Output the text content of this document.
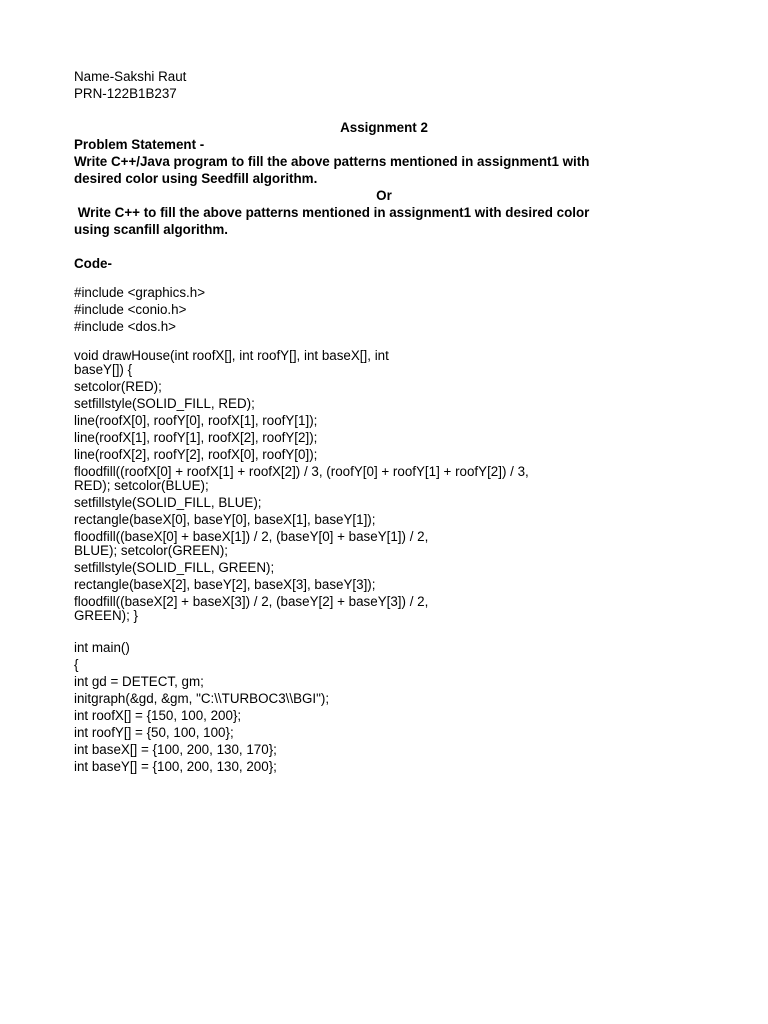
Name-Sakshi Raut
PRN-122B1B237
Assignment 2
Problem Statement -
Write C++/Java program to fill the above patterns mentioned in assignment1 with
desired color using Seedfill algorithm.
Or
Write C++ to fill the above patterns mentioned in assignment1 with desired color
using scanfill algorithm.
Code-
#include <graphics.h>
#include <conio.h>
#include <dos.h>
void drawHouse(int roofX[], int roofY[], int baseX[], int
baseY[]) {
setcolor(RED);
setfillstyle(SOLID_FILL, RED);
line(roofX[0], roofY[0], roofX[1], roofY[1]);
line(roofX[1], roofY[1], roofX[2], roofY[2]);
line(roofX[2], roofY[2], roofX[0], roofY[0]);
floodfill((roofX[0] + roofX[1] + roofX[2]) / 3, (roofY[0] + roofY[1] + roofY[2]) / 3,
RED); setcolor(BLUE);
setfillstyle(SOLID_FILL, BLUE);
rectangle(baseX[0], baseY[0], baseX[1], baseY[1]);
floodfill((baseX[0] + baseX[1]) / 2, (baseY[0] + baseY[1]) / 2,
BLUE); setcolor(GREEN);
setfillstyle(SOLID_FILL, GREEN);
rectangle(baseX[2], baseY[2], baseX[3], baseY[3]);
floodfill((baseX[2] + baseX[3]) / 2, (baseY[2] + baseY[3]) / 2,
GREEN); }
int main()
{
int gd = DETECT, gm;
initgraph(&gd, &gm, "C:\\TURBOC3\\BGI");
int roofX[] = {150, 100, 200};
int roofY[] = {50, 100, 100};
int baseX[] = {100, 200, 130, 170};
int baseY[] = {100, 200, 130, 200};
